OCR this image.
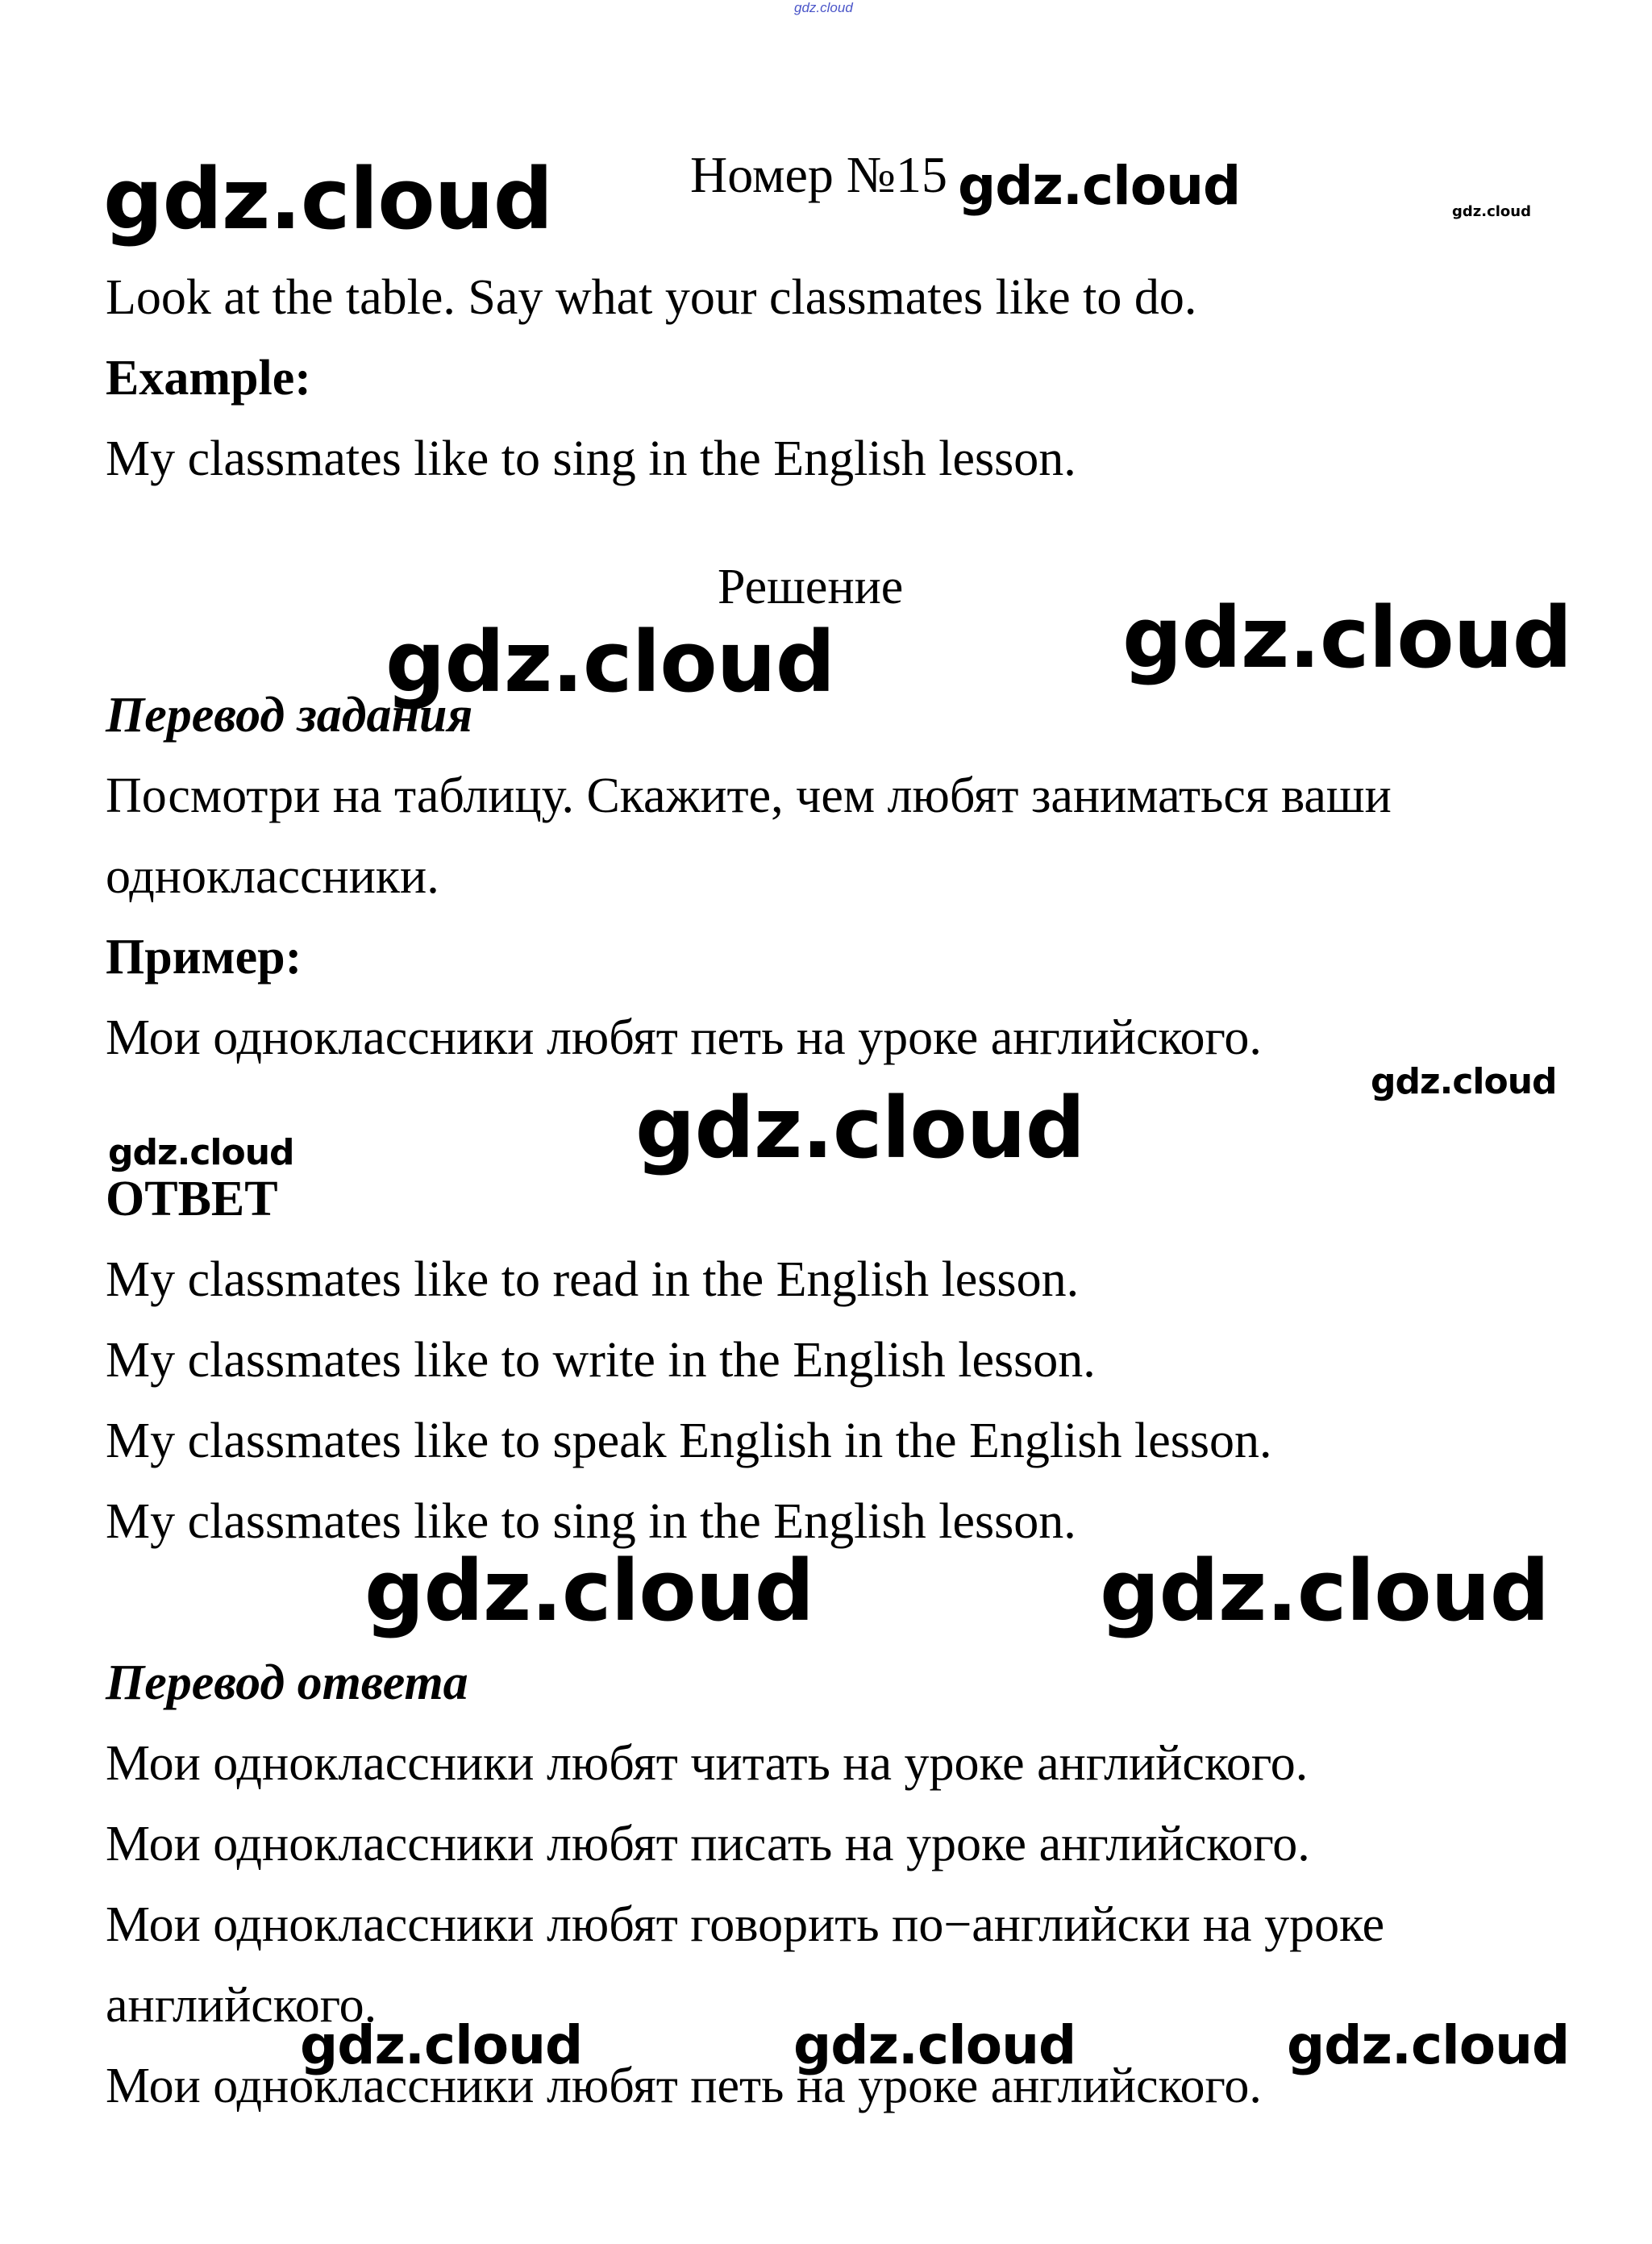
gdz.cloud
Номер №15
Look at the table. Say what your classmates like to do.
Example:
My classmates like to sing in the English lesson.
Решение
Перевод задания
Посмотри на таблицу. Скажите, чем любят заниматься ваши
одноклассники.
Пример:
Мои одноклассники любят петь на уроке английского.
ОТВЕТ
My classmates like to read in the English lesson.
My classmates like to write in the English lesson.
My classmates like to speak English in the English lesson.
My classmates like to sing in the English lesson.
Перевод ответа
Мои одноклассники любят читать на уроке английского.
Мои одноклассники любят писать на уроке английского.
Мои одноклассники любят говорить по−английски на уроке
английского.
Мои одноклассники любят петь на уроке английского.
gdz.cloud	gdz.cloud	gdz.cloud
gdz.cloud	gdz.cloud
gdz.cloud
gdz.cloud	gdz.cloud
gdz.cloud	gdz.cloud
gdz.cloud	gdz.cloud	gdz.cloud
